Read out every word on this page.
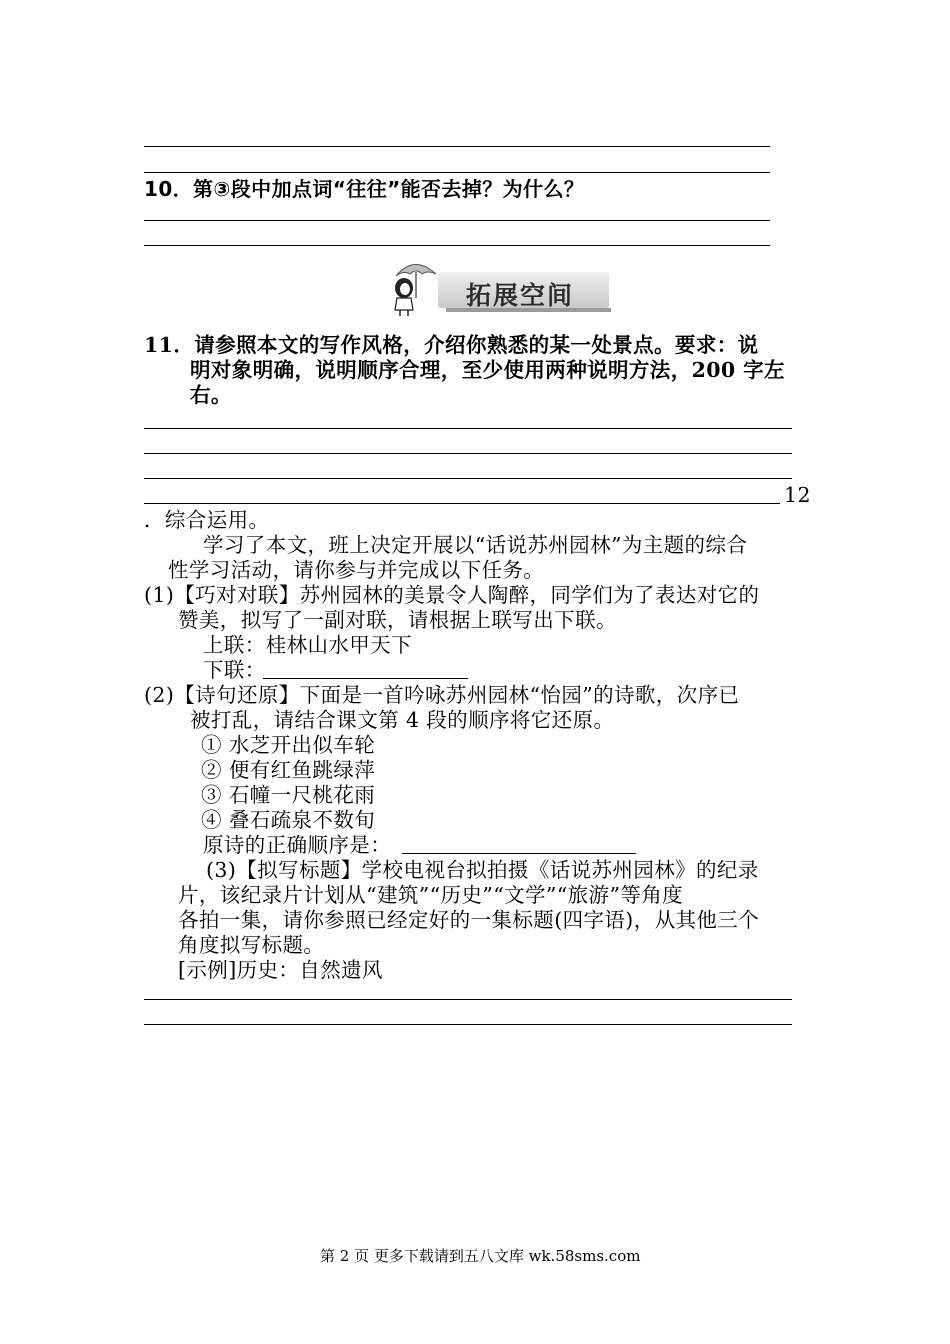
10．第③段中加点词“往往”能否去掉？为什么？
拓展空间
11．请参照本文的写作风格，介绍你熟悉的某一处景点。要求：说
明对象明确，说明顺序合理，至少使用两种说明方法，200 字左
右。
12
．综合运用。
学习了本文，班上决定开展以“话说苏州园林”为主题的综合
性学习活动，请你参与并完成以下任务。
(1)【巧对对联】苏州园林的美景令人陶醉，同学们为了表达对它的
赞美，拟写了一副对联，请根据上联写出下联。
上联：桂林山水甲天下
下联：
(2)【诗句还原】下面是一首吟咏苏州园林“怡园”的诗歌，次序已
被打乱，请结合课文第 4 段的顺序将它还原。
① 水芝开出似车轮
② 便有红鱼跳绿萍
③ 石幢一尺桃花雨
④ 叠石疏泉不数旬
原诗的正确顺序是：
(3)【拟写标题】学校电视台拟拍摄《话说苏州园林》的纪录
片，该纪录片计划从“建筑”“历史”“文学”“旅游”等角度
各拍一集，请你参照已经定好的一集标题(四字语)，从其他三个
角度拟写标题。
[示例]历史：自然遗风
第 2 页 更多下载请到五八文库 wk.58sms.com
